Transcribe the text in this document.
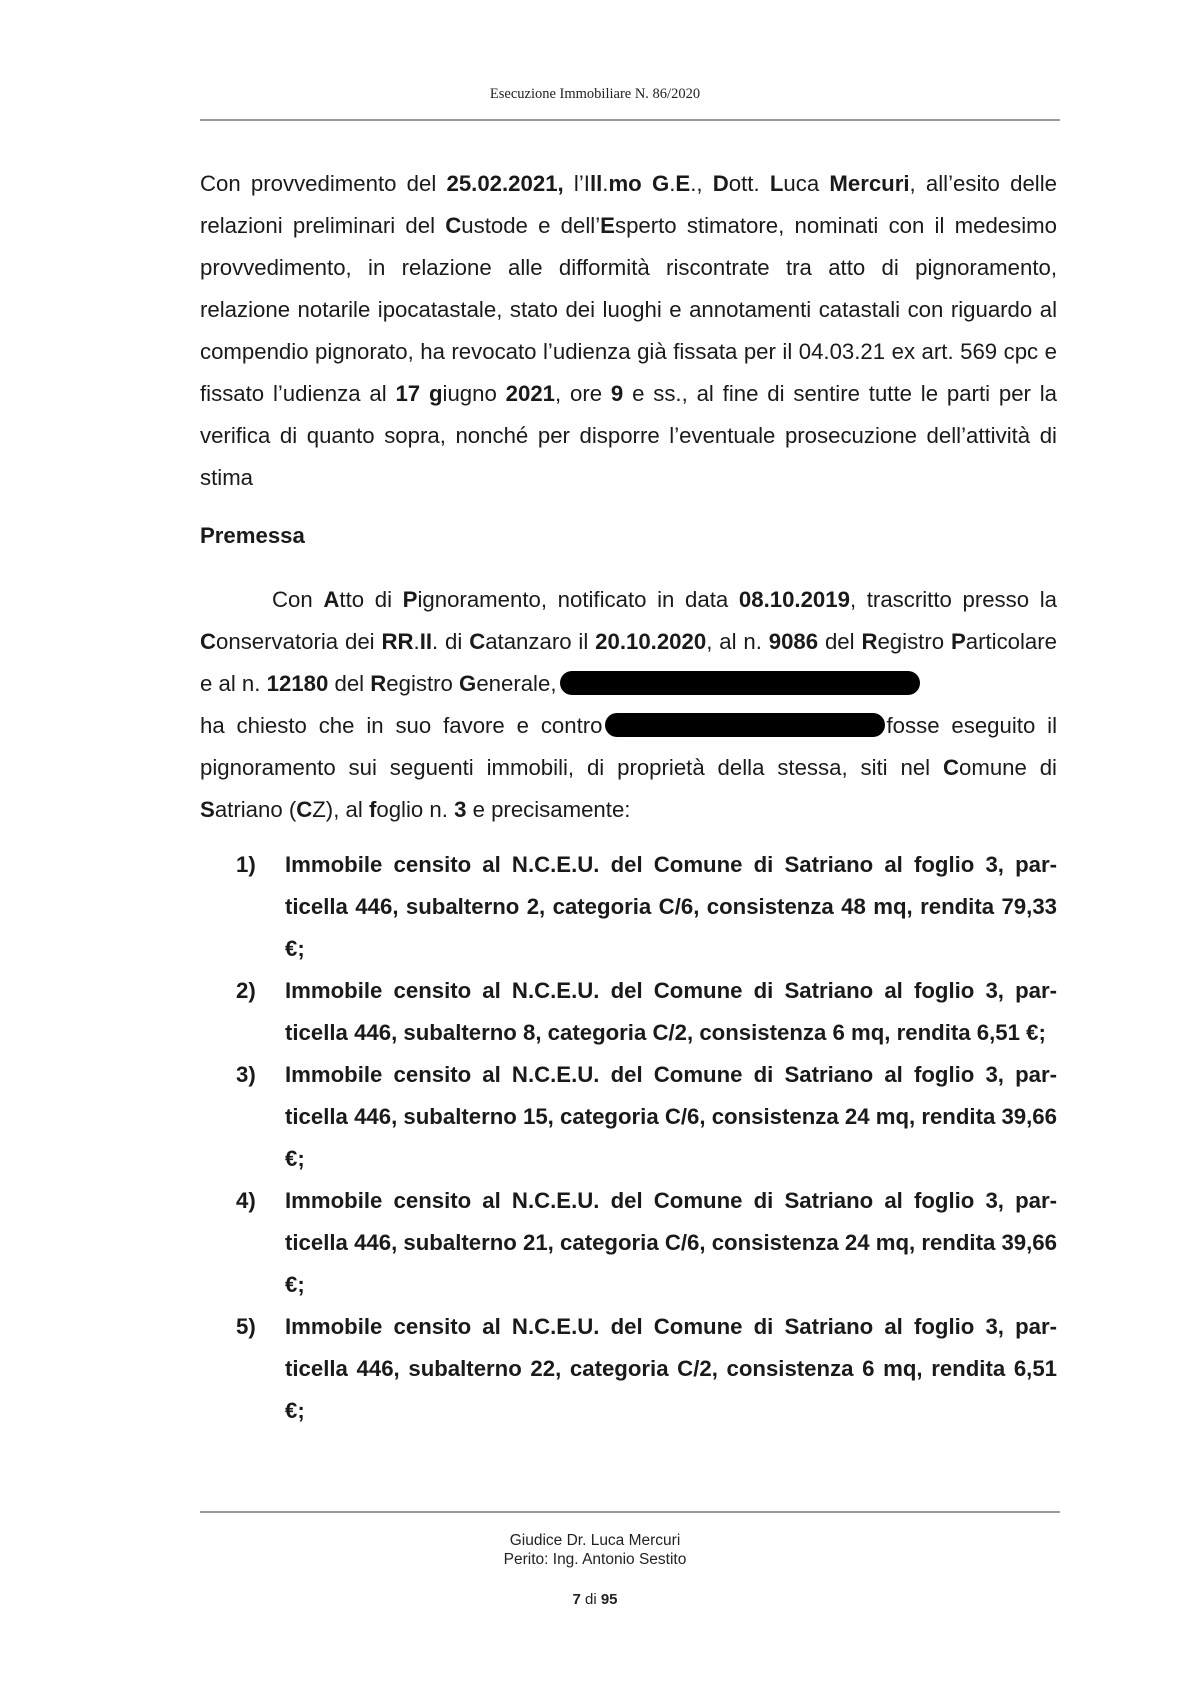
Esecuzione Immobiliare N. 86/2020

Con provvedimento del 25.02.2021, l’Ill.mo G.E., Dott. Luca Mercuri, all’esito delle relazioni preliminari del Custode e dell’Esperto stimatore, nominati con il medesimo provvedimento, in relazione alle difformità riscontrate tra atto di pignoramento, relazione notarile ipocatastale, stato dei luoghi e annotamenti catastali con riguardo al compendio pignorato, ha revocato l’udienza già fissata per il 04.03.21 ex art. 569 cpc e fissato l’udienza al 17 giugno 2021, ore 9 e ss., al fine di sentire tutte le parti per la verifica di quanto sopra, nonché per disporre l’eventuale prosecuzione dell’attività di stima

Premessa

Con Atto di Pignoramento, notificato in data 08.10.2019, trascritto presso la Conservatoria dei RR.II. di Catanzaro il 20.10.2020, al n. 9086 del Registro Particolare e al n. 12180 del Registro Generale,

ha chiesto che in suo favore e contro	fosse eseguito il pignoramento sui seguenti immobili, di proprietà della stessa, siti nel Comune di Satriano (CZ), al foglio n. 3 e precisamente:

1) Immobile censito al N.C.E.U. del Comune di Satriano al foglio 3, particella 446, subalterno 2, categoria C/6, consistenza 48 mq, rendita 79,33 €;
2) Immobile censito al N.C.E.U. del Comune di Satriano al foglio 3, particella 446, subalterno 8, categoria C/2, consistenza 6 mq, rendita 6,51 €;
3) Immobile censito al N.C.E.U. del Comune di Satriano al foglio 3, particella 446, subalterno 15, categoria C/6, consistenza 24 mq, rendita 39,66 €;
4) Immobile censito al N.C.E.U. del Comune di Satriano al foglio 3, particella 446, subalterno 21, categoria C/6, consistenza 24 mq, rendita 39,66 €;
5) Immobile censito al N.C.E.U. del Comune di Satriano al foglio 3, particella 446, subalterno 22, categoria C/2, consistenza 6 mq, rendita 6,51 €;
Giudice Dr. Luca Mercuri
Perito: Ing. Antonio Sestito
7 di 95
